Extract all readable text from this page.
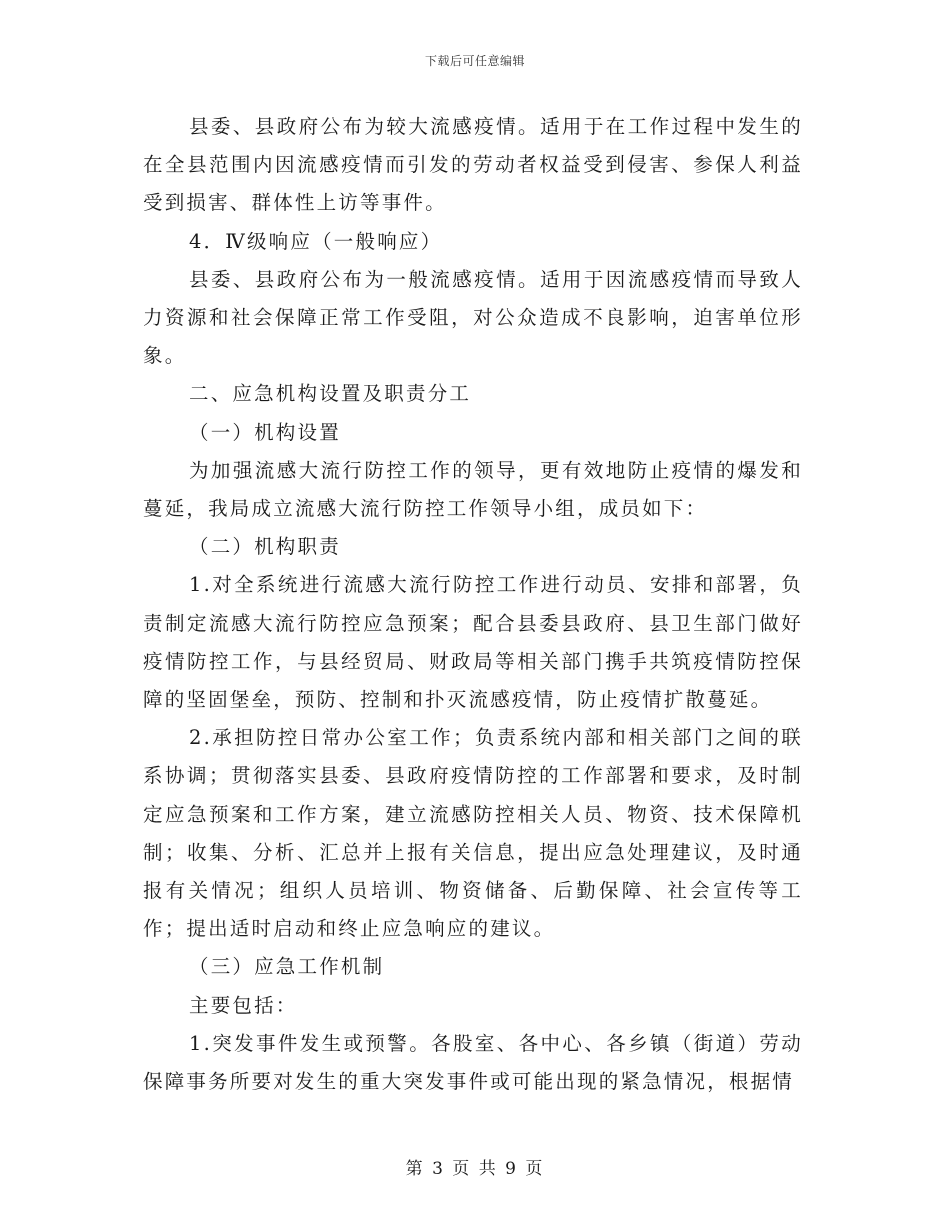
下载后可任意编辑

县委、县政府公布为较大流感疫情。适用于在工作过程中发生的在全县范围内因流感疫情而引发的劳动者权益受到侵害、参保人利益受到损害、群体性上访等事件。

4．Ⅳ级响应（一般响应）

县委、县政府公布为一般流感疫情。适用于因流感疫情而导致人力资源和社会保障正常工作受阻，对公众造成不良影响，迫害单位形象。

二、应急机构设置及职责分工

（一）机构设置

为加强流感大流行防控工作的领导，更有效地防止疫情的爆发和蔓延，我局成立流感大流行防控工作领导小组，成员如下：

（二）机构职责

1.对全系统进行流感大流行防控工作进行动员、安排和部署，负责制定流感大流行防控应急预案；配合县委县政府、县卫生部门做好疫情防控工作，与县经贸局、财政局等相关部门携手共筑疫情防控保障的坚固堡垒，预防、控制和扑灭流感疫情，防止疫情扩散蔓延。

2.承担防控日常办公室工作；负责系统内部和相关部门之间的联系协调；贯彻落实县委、县政府疫情防控的工作部署和要求，及时制定应急预案和工作方案，建立流感防控相关人员、物资、技术保障机制；收集、分析、汇总并上报有关信息，提出应急处理建议，及时通报有关情况；组织人员培训、物资储备、后勤保障、社会宣传等工作；提出适时启动和终止应急响应的建议。

（三）应急工作机制

主要包括：

1.突发事件发生或预警。各股室、各中心、各乡镇（街道）劳动保障事务所要对发生的重大突发事件或可能出现的紧急情况，根据情

第 3 页 共 9 页
